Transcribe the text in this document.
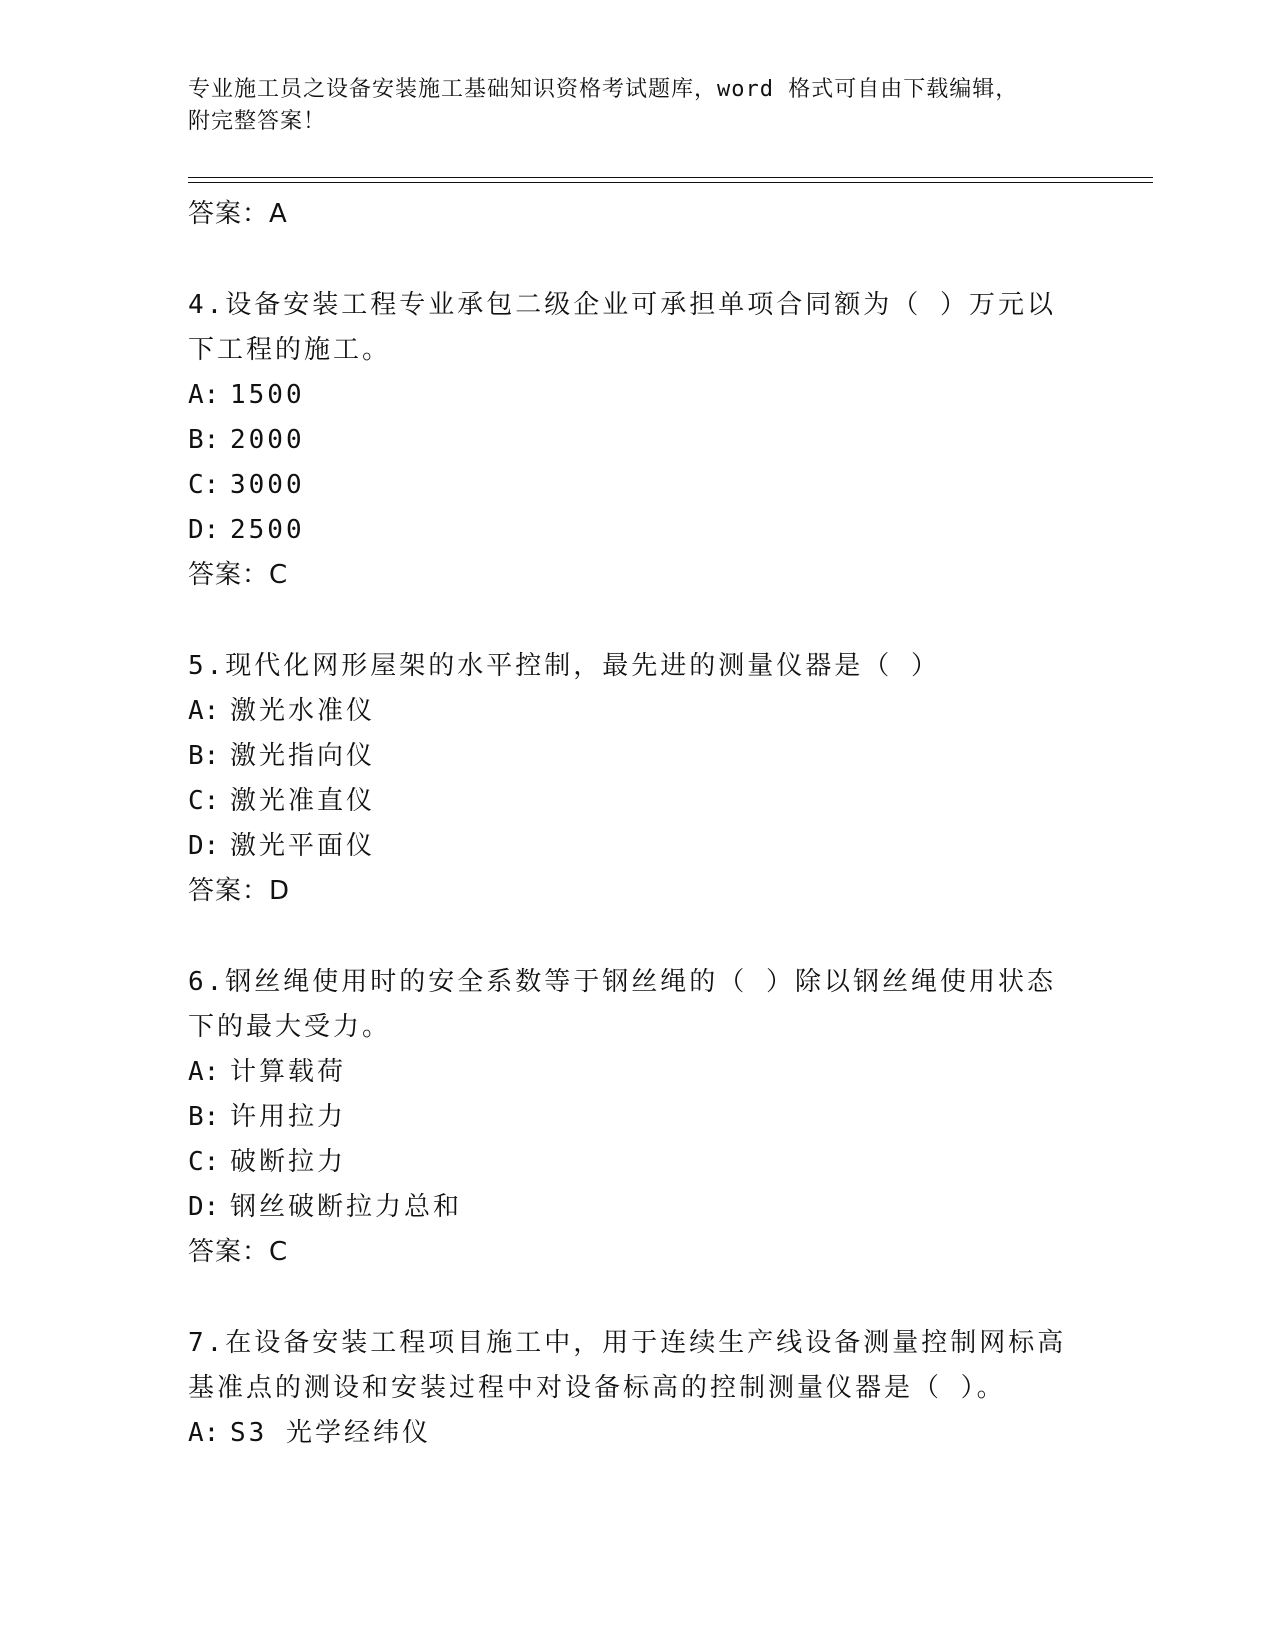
专业施工员之设备安装施工基础知识资格考试题库，word 格式可自由下载编辑，
附完整答案！
答案：A
4.设备安装工程专业承包二级企业可承担单项合同额为（ ）万元以下工程的施工。
A: 1500
B: 2000
C: 3000
D: 2500
答案：C
5.现代化网形屋架的水平控制，最先进的测量仪器是（ ）
A: 激光水准仪
B: 激光指向仪
C: 激光准直仪
D: 激光平面仪
答案：D
6.钢丝绳使用时的安全系数等于钢丝绳的（ ）除以钢丝绳使用状态下的最大受力。
A: 计算载荷
B: 许用拉力
C: 破断拉力
D: 钢丝破断拉力总和
答案：C
7.在设备安装工程项目施工中，用于连续生产线设备测量控制网标高基准点的测设和安装过程中对设备标高的控制测量仪器是（ ）。
A: S3 光学经纬仪
